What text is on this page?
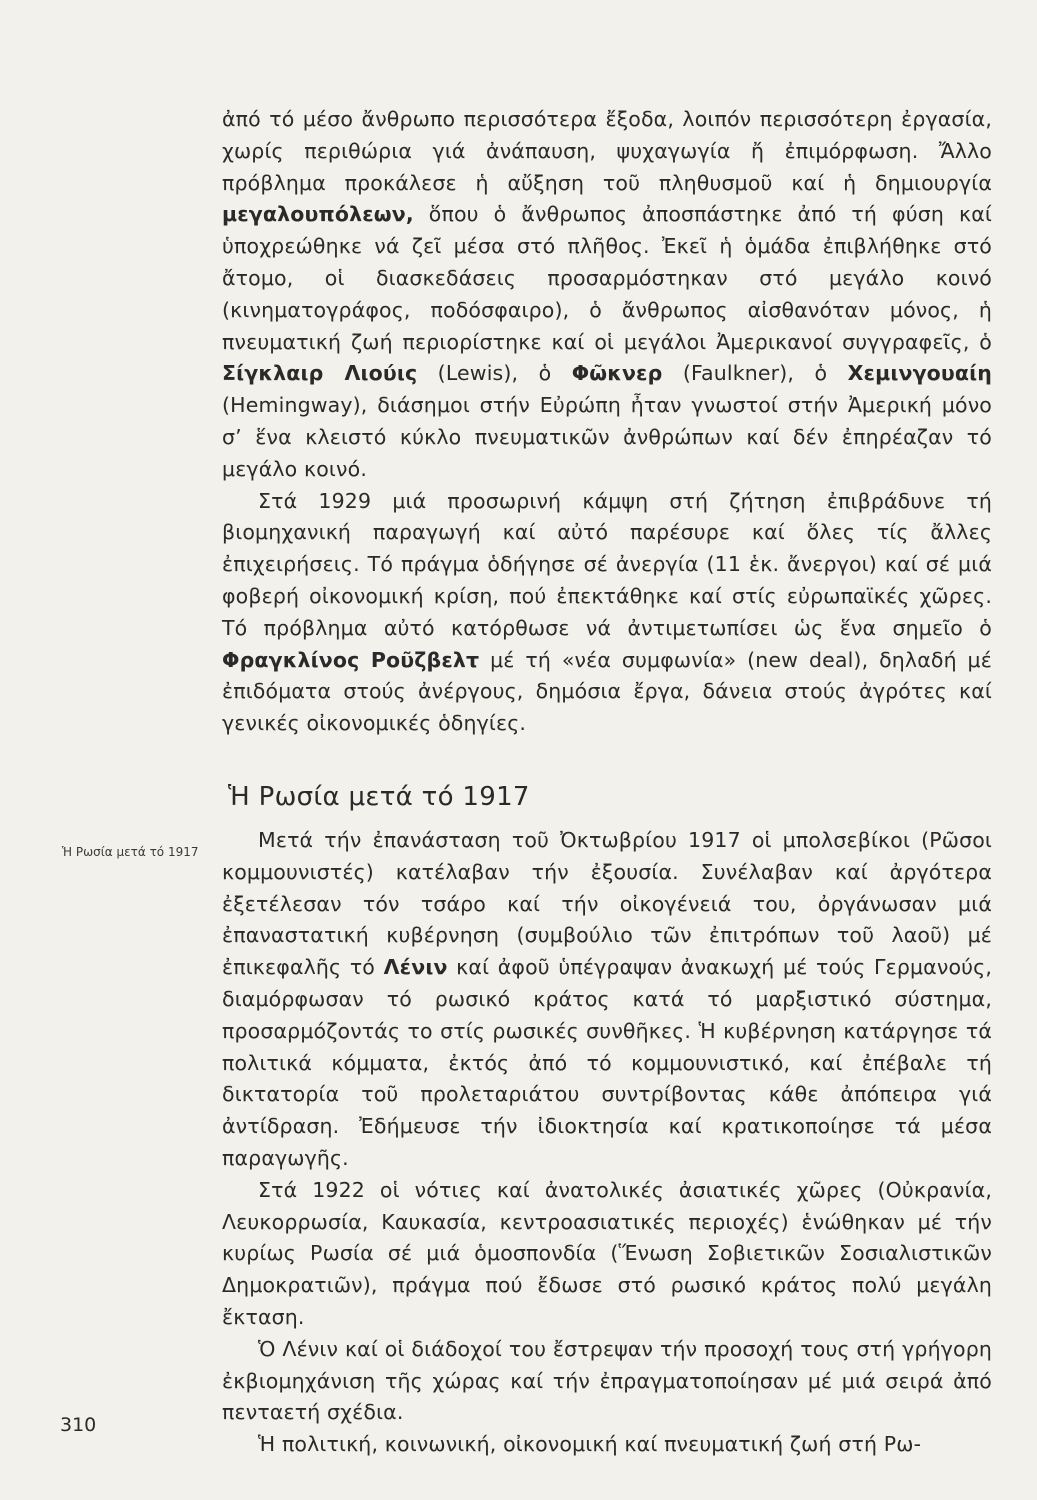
ἀπό τό μέσο ἄνθρωπο περισσότερα ἔξοδα, λοιπόν περισσότερη ἐργασία, χωρίς περιθώρια γιά ἀνάπαυση, ψυχαγωγία ἤ ἐπιμόρφωση. Ἄλλο πρόβλημα προκάλεσε ἡ αὔξηση τοῦ πληθυσμοῦ καί ἡ δημιουργία μεγαλουπόλεων, ὅπου ὁ ἄνθρωπος ἀποσπάστηκε ἀπό τή φύση καί ὑποχρεώθηκε νά ζεῖ μέσα στό πλῆθος. Ἐκεῖ ἡ ὁμάδα ἐπιβλήθηκε στό ἄτομο, οἱ διασκεδάσεις προσαρμόστηκαν στό μεγάλο κοινό (κινηματογράφος, ποδόσφαιρο), ὁ ἄνθρωπος αἰσθανόταν μόνος, ἡ πνευματική ζωή περιορίστηκε καί οἱ μεγάλοι Ἀμερικανοί συγγραφεῖς, ὁ Σίγκλαιρ Λιούις (Lewis), ὁ Φῶκνερ (Faulkner), ὁ Χεμινγουαίη (Hemingway), διάσημοι στήν Εὐρώπη ἦταν γνωστοί στήν Ἀμερική μόνο σ’ ἕνα κλειστό κύκλο πνευματικῶν ἀνθρώπων καί δέν ἐπηρέαζαν τό μεγάλο κοινό.

Στά 1929 μιά προσωρινή κάμψη στή ζήτηση ἐπιβράδυνε τή βιομηχανική παραγωγή καί αὐτό παρέσυρε καί ὅλες τίς ἄλλες ἐπιχειρήσεις. Τό πράγμα ὁδήγησε σέ ἀνεργία (11 ἑκ. ἄνεργοι) καί σέ μιά φοβερή οἰκονομική κρίση, πού ἐπεκτάθηκε καί στίς εὐρωπαϊκές χῶρες. Τό πρόβλημα αὐτό κατόρθωσε νά ἀντιμετωπίσει ὡς ἕνα σημεῖο ὁ Φραγκλίνος Ροῦζβελτ μέ τή «νέα συμφωνία» (new deal), δηλαδή μέ ἐπιδόματα στούς ἀνέργους, δημόσια ἔργα, δάνεια στούς ἀγρότες καί γενικές οἰκονομικές ὁδηγίες.

Ἡ Ρωσία μετά τό 1917
Ἡ Ρωσία μετά τό 1917	Μετά τήν ἐπανάσταση τοῦ Ὀκτωβρίου 1917 οἱ μπολσεβίκοι (Ρῶσοι κομμουνιστές) κατέλαβαν τήν ἐξουσία. Συνέλαβαν καί ἀργότερα ἐξετέλεσαν τόν τσάρο καί τήν οἰκογένειά του, ὀργάνωσαν μιά ἐπαναστατική κυβέρνηση (συμβούλιο τῶν ἐπιτρόπων τοῦ λαοῦ) μέ ἐπικεφαλῆς τό Λένιν καί ἀφοῦ ὑπέγραψαν ἀνακωχή μέ τούς Γερμανούς, διαμόρφωσαν τό ρωσικό κράτος κατά τό μαρξιστικό σύστημα, προσαρμόζοντάς το στίς ρωσικές συνθῆκες. Ἡ κυβέρνηση κατάργησε τά πολιτικά κόμματα, ἐκτός ἀπό τό κομμουνιστικό, καί ἐπέβαλε τή δικτατορία τοῦ προλεταριάτου συντρίβοντας κάθε ἀπόπειρα γιά ἀντίδραση. Ἐδήμευσε τήν ἰδιοκτησία καί κρατικοποίησε τά μέσα παραγωγῆς.

Στά 1922 οἱ νότιες καί ἀνατολικές ἀσιατικές χῶρες (Οὐκρανία, Λευκορρωσία, Καυκασία, κεντροασιατικές περιοχές) ἑνώθηκαν μέ τήν κυρίως Ρωσία σέ μιά ὁμοσπονδία (Ἕνωση Σοβιετικῶν Σοσιαλιστικῶν Δημοκρατιῶν), πράγμα πού ἔδωσε στό ρωσικό κράτος πολύ μεγάλη ἔκταση.

Ὁ Λένιν καί οἱ διάδοχοί του ἔστρεψαν τήν προσοχή τους στή γρήγορη ἐκβιομηχάνιση τῆς χώρας καί τήν ἐπραγματοποίησαν μέ μιά σειρά ἀπό πενταετή σχέδια.

Ἡ πολιτική, κοινωνική, οἰκονομική καί πνευματική ζωή στή Ρω-

310
